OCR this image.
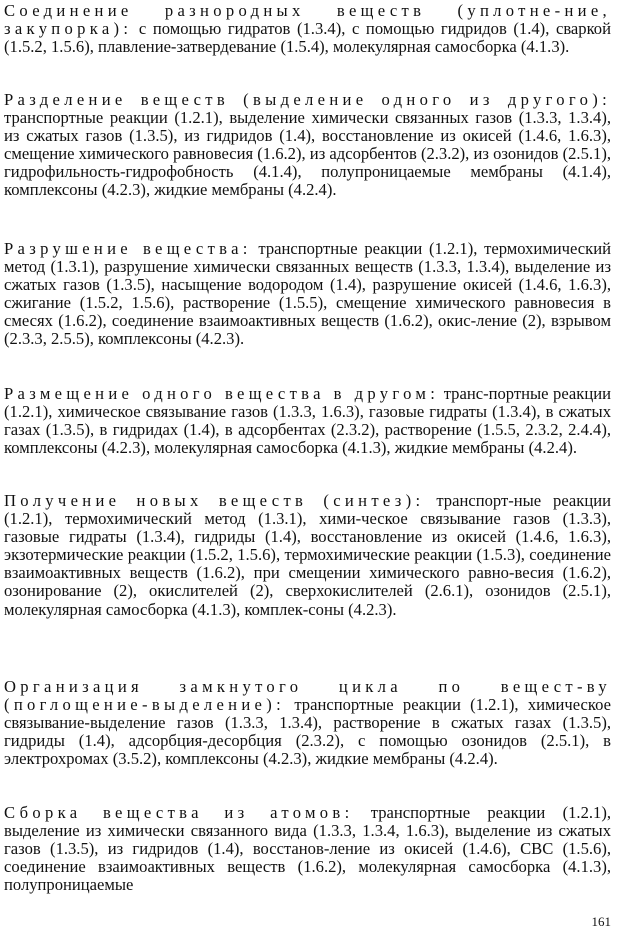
Соединение разнородных веществ (уплотне-ние, закупорка): с помощью гидратов (1.3.4), с помощью гидридов (1.4), сваркой (1.5.2, 1.5.6), плавление-затвердевание (1.5.4), молекулярная самосборка (4.1.3).

Разделение веществ (выделение одного из другого): транспортные реакции (1.2.1), выделение химически связанных газов (1.3.3, 1.3.4), из сжатых газов (1.3.5), из гидридов (1.4), восстановление из окисей (1.4.6, 1.6.3), смещение химического равновесия (1.6.2), из адсорбентов (2.3.2), из озонидов (2.5.1), гидрофильность-гидрофобность (4.1.4), полупроницаемые мембраны (4.1.4), комплексоны (4.2.3), жидкие мембраны (4.2.4).

Разрушение вещества: транспортные реакции (1.2.1), термохимический метод (1.3.1), разрушение химически связанных веществ (1.3.3, 1.3.4), выделение из сжатых газов (1.3.5), насыщение водородом (1.4), разрушение окисей (1.4.6, 1.6.3), сжигание (1.5.2, 1.5.6), растворение (1.5.5), смещение химического равновесия в смесях (1.6.2), соединение взаимоактивных веществ (1.6.2), окис-ление (2), взрывом (2.3.3, 2.5.5), комплексоны (4.2.3).

Размещение одного вещества в другом: транс-портные реакции (1.2.1), химическое связывание газов (1.3.3, 1.6.3), газовые гидраты (1.3.4), в сжатых газах (1.3.5), в гидридах (1.4), в адсорбентах (2.3.2), растворение (1.5.5, 2.3.2, 2.4.4), комплексоны (4.2.3), молекулярная самосборка (4.1.3), жидкие мембраны (4.2.4).

Получение новых веществ (синтез): транспорт-ные реакции (1.2.1), термохимический метод (1.3.1), хими-ческое связывание газов (1.3.3), газовые гидраты (1.3.4), гидриды (1.4), восстановление из окисей (1.4.6, 1.6.3), экзотермические реакции (1.5.2, 1.5.6), термохимические реакции (1.5.3), соединение взаимоактивных веществ (1.6.2), при смещении химического равно-весия (1.6.2), озонирование (2), окислителей (2), сверхокислителей (2.6.1), озонидов (2.5.1), молекулярная самосборка (4.1.3), комплек-соны (4.2.3).

Организация замкнутого цикла по вещест-ву (поглощение-выделение): транспортные реакции (1.2.1), химическое связывание-выделение газов (1.3.3, 1.3.4), растворение в сжатых газах (1.3.5), гидриды (1.4), адсорбция-десорбция (2.3.2), с помощью озонидов (2.5.1), в электрохромах (3.5.2), комплексоны (4.2.3), жидкие мембраны (4.2.4).

Сборка вещества из атомов: транспортные реакции (1.2.1), выделение из химически связанного вида (1.3.3, 1.3.4, 1.6.3), выделение из сжатых газов (1.3.5), из гидридов (1.4), восстанов-ление из окисей (1.4.6), СВС (1.5.6), соединение взаимоактивных веществ (1.6.2), молекулярная самосборка (4.1.3), полупроницаемые

161
